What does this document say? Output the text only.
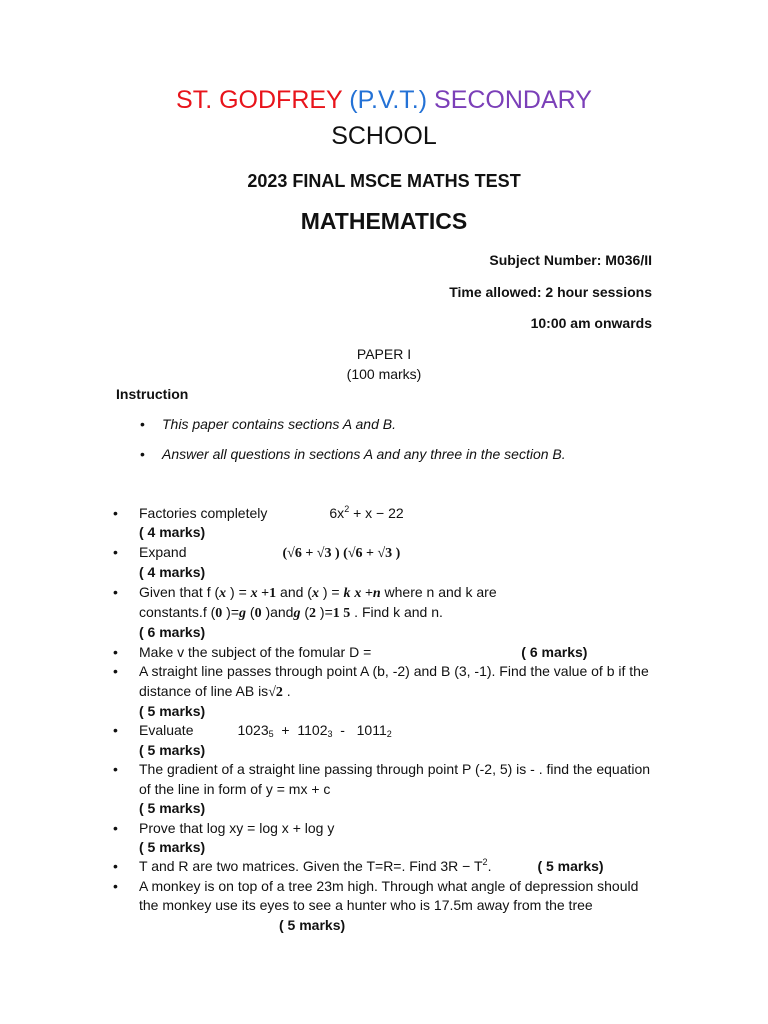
ST. GODFREY (P.V.T.) SECONDARY
SCHOOL
2023 FINAL MSCE MATHS TEST
MATHEMATICS
Subject Number: M036/II
Time allowed: 2 hour sessions
10:00 am onwards
PAPER I
(100 marks)
Instruction
• This paper contains sections A and B.
• Answer all questions in sections A and any three in the section B.
• Factories completely	$6x^2 + x - 22$
( 4 marks)
• Expand	(√6 + √3 ) (√6 + √3 )
( 4 marks)
• Given that f (x ) = x +1 and (x ) = k x +n where n and k are
constants.f (0 )=g (0 )andg (2 )=1 5 . Find k and n.
( 6 marks)
• Make v the subject of the fomular D =	( 6 marks)
• A straight line passes through point A (b, -2) and B (3, -1). Find the value of b if the distance of line AB is√2 .
( 5 marks)
• Evaluate	$1023_5 + 1102_3 - 1011_2$
( 5 marks)
• The gradient of a straight line passing through point P (-2, 5) is - . find the equation of the line in form of y = mx + c
( 5 marks)
• Prove that log xy = log x + log y
( 5 marks)
• T and R are two matrices. Given the T=R=. Find $3R - T^2$.	( 5 marks)
• A monkey is on top of a tree 23m high. Through what angle of depression should the monkey use its eyes to see a hunter who is 17.5m away from the tree( 5 marks)
